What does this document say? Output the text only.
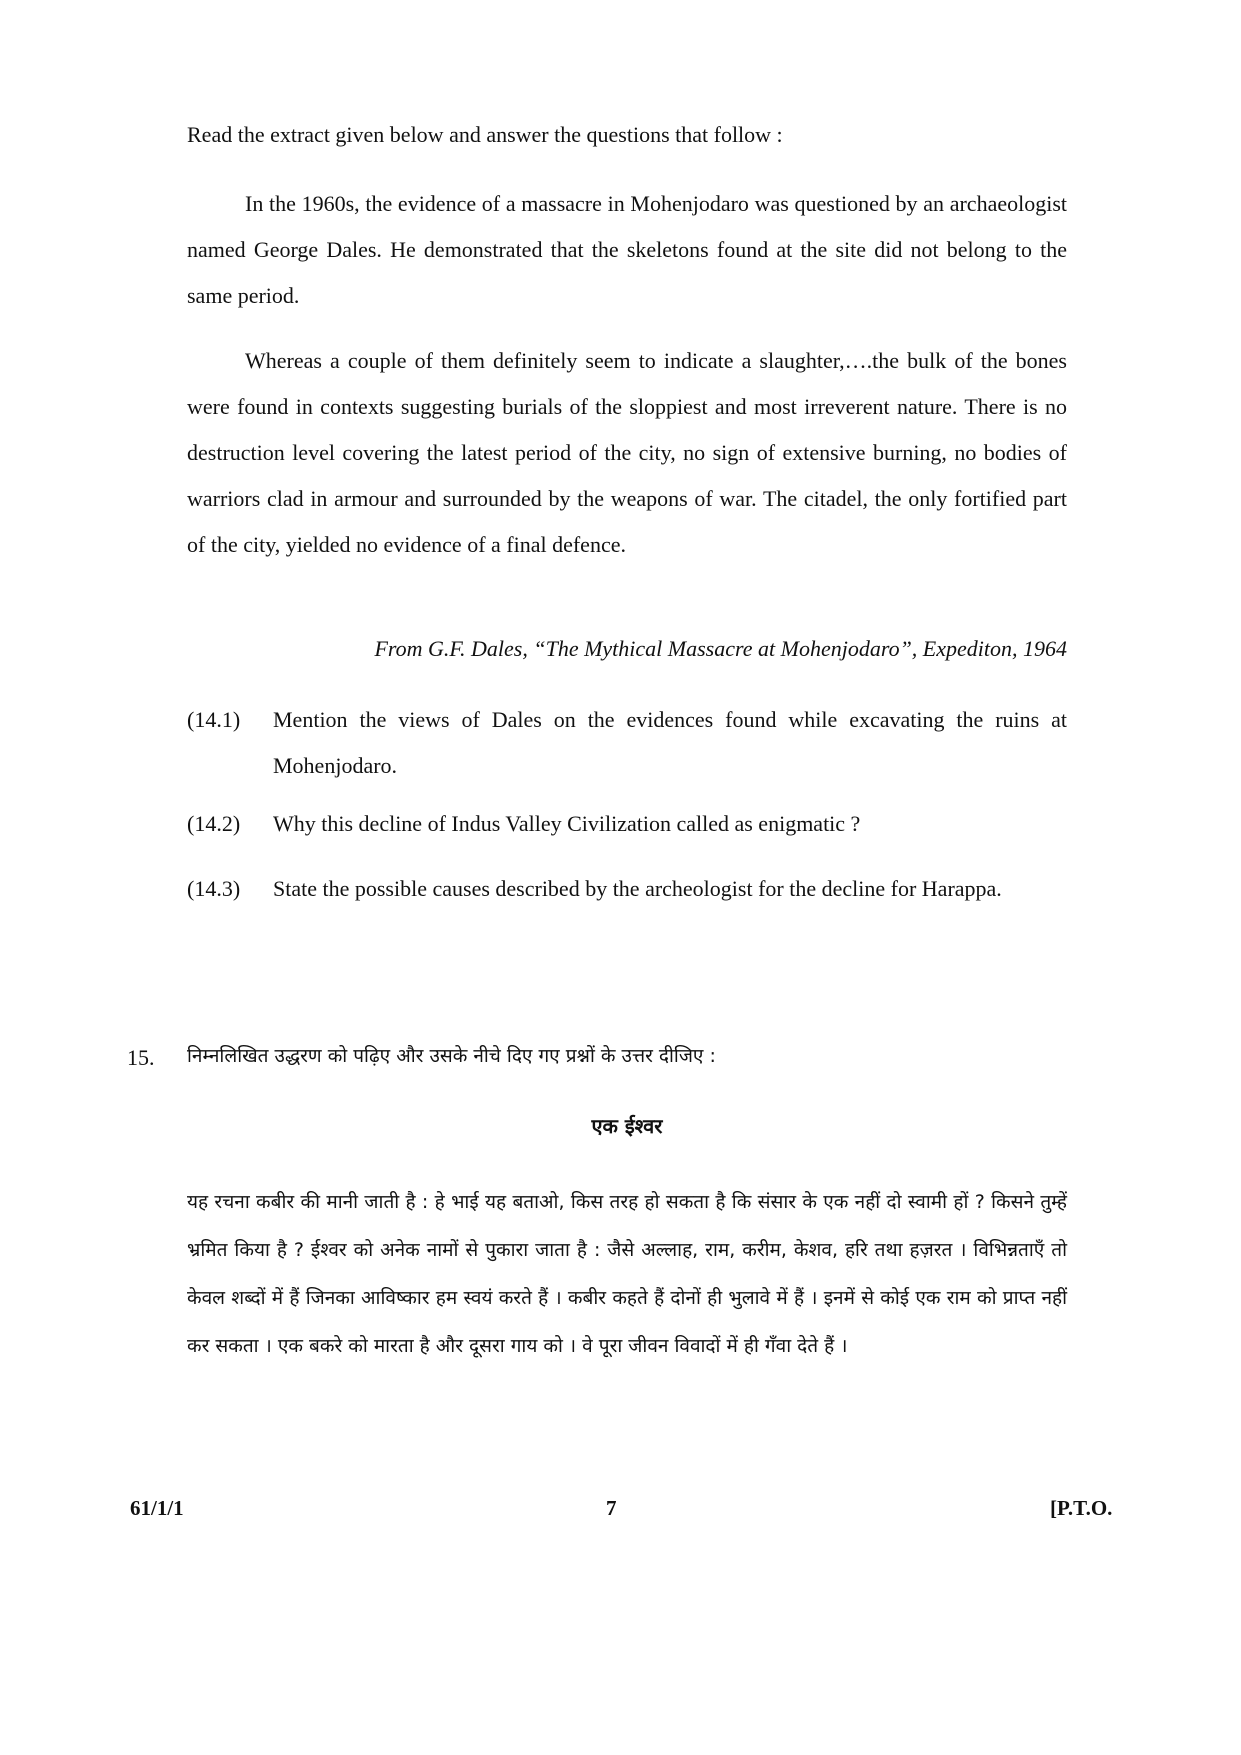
Read the extract given below and answer the questions that follow :

In the 1960s, the evidence of a massacre in Mohenjodaro was questioned by an archaeologist named George Dales. He demonstrated that the skeletons found at the site did not belong to the same period.

Whereas a couple of them definitely seem to indicate a slaughter,….the bulk of the bones were found in contexts suggesting burials of the sloppiest and most irreverent nature. There is no destruction level covering the latest period of the city, no sign of extensive burning, no bodies of warriors clad in armour and surrounded by the weapons of war. The citadel, the only fortified part of the city, yielded no evidence of a final defence.

From G.F. Dales, “The Mythical Massacre at Mohenjodaro”, Expediton, 1964

(14.1) Mention the views of Dales on the evidences found while excavating the ruins at Mohenjodaro.
(14.2) Why this decline of Indus Valley Civilization called as enigmatic ?
(14.3) State the possible causes described by the archeologist for the decline for Harappa.
15. निम्नलिखित उद्धरण को पढ़िए और उसके नीचे दिए गए प्रश्नों के उत्तर दीजिए :
एक ईश्वर

यह रचना कबीर की मानी जाती है : हे भाई यह बताओ, किस तरह हो सकता है कि संसार के एक नहीं दो स्वामी हों ? किसने तुम्हें भ्रमित किया है ? ईश्वर को अनेक नामों से पुकारा जाता है : जैसे अल्लाह, राम, करीम, केशव, हरि तथा हज़रत । विभिन्नताएँ तो केवल शब्दों में हैं जिनका आविष्कार हम स्वयं करते हैं । कबीर कहते हैं दोनों ही भुलावे में हैं । इनमें से कोई एक राम को प्राप्त नहीं कर सकता । एक बकरे को मारता है और दूसरा गाय को । वे पूरा जीवन विवादों में ही गँवा देते हैं ।

61/1/1	7	[P.T.O.
